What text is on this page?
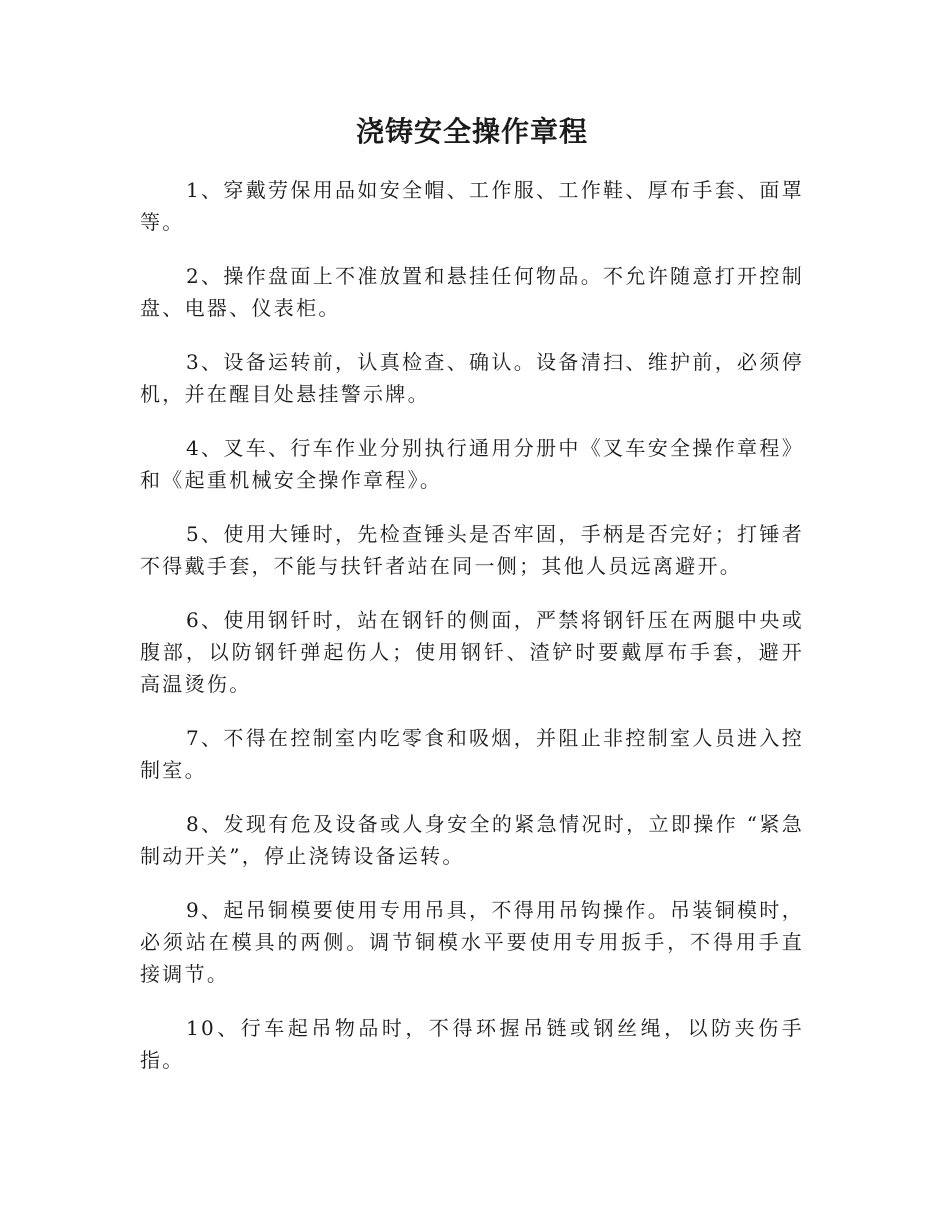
浇铸安全操作章程

1、穿戴劳保用品如安全帽、工作服、工作鞋、厚布手套、面罩等。

2、操作盘面上不准放置和悬挂任何物品。不允许随意打开控制盘、电器、仪表柜。

3、设备运转前，认真检查、确认。设备清扫、维护前，必须停机，并在醒目处悬挂警示牌。

4、叉车、行车作业分别执行通用分册中《叉车安全操作章程》和《起重机械安全操作章程》。

5、使用大锤时，先检查锤头是否牢固，手柄是否完好；打锤者不得戴手套，不能与扶钎者站在同一侧；其他人员远离避开。

6、使用钢钎时，站在钢钎的侧面，严禁将钢钎压在两腿中央或腹部，以防钢钎弹起伤人；使用钢钎、渣铲时要戴厚布手套，避开高温烫伤。

7、不得在控制室内吃零食和吸烟，并阻止非控制室人员进入控制室。

8、发现有危及设备或人身安全的紧急情况时，立即操作 “紧急制动开关”，停止浇铸设备运转。

9、起吊铜模要使用专用吊具，不得用吊钩操作。吊装铜模时，必须站在模具的两侧。调节铜模水平要使用专用扳手，不得用手直接调节。

10、行车起吊物品时，不得环握吊链或钢丝绳，以防夹伤手指。
